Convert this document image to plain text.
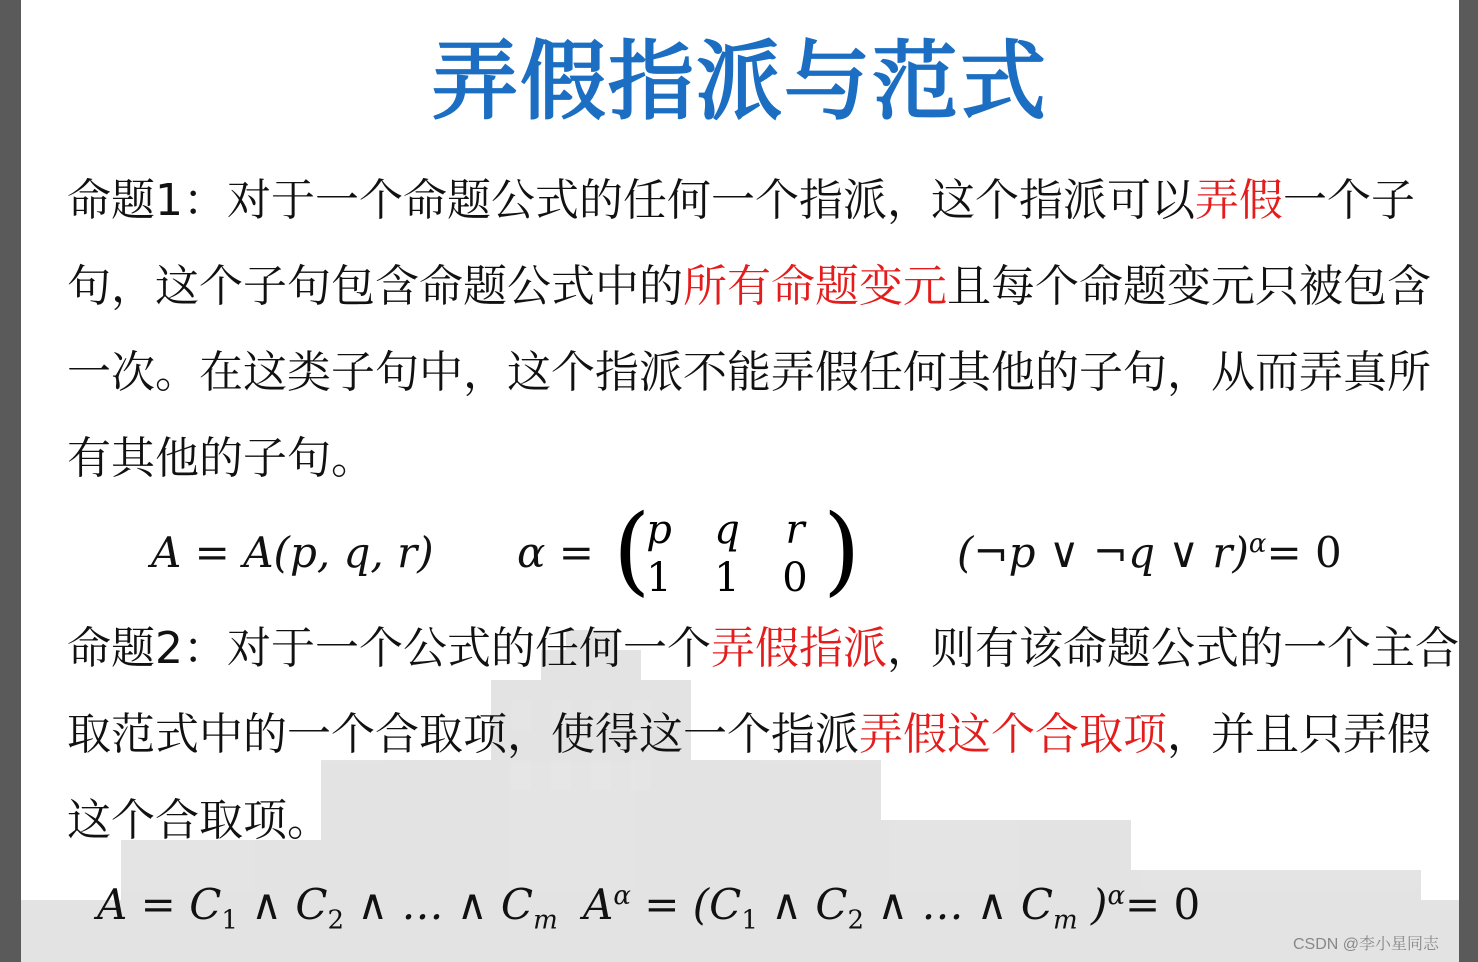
弄假指派与范式
命题1：对于一个命题公式的任何一个指派，这个指派可以弄假一个子句，这个子句包含命题公式中的所有命题变元且每个命题变元只被包含一次。在这类子句中，这个指派不能弄假任何其他的子句，从而弄真所有其他的子句。
A = A(p, q, r) α = (
p q r
1 1 0 ) (¬p ∨ ¬q ∨ r)$^\alpha$= 0
命题2：对于一个公式的任何一个弄假指派，则有该命题公式的一个主合取范式中的一个合取项，使得这一个指派弄假这个合取项，并且只弄假这个合取项。
$A = C_1$ ∧ $C_2$ ∧ … ∧ $C_m$ $A^\alpha = (C_1$ ∧ $C_2$ ∧ … ∧ $C_m$ )$^\alpha$= 0
CSDN @李小星同志
